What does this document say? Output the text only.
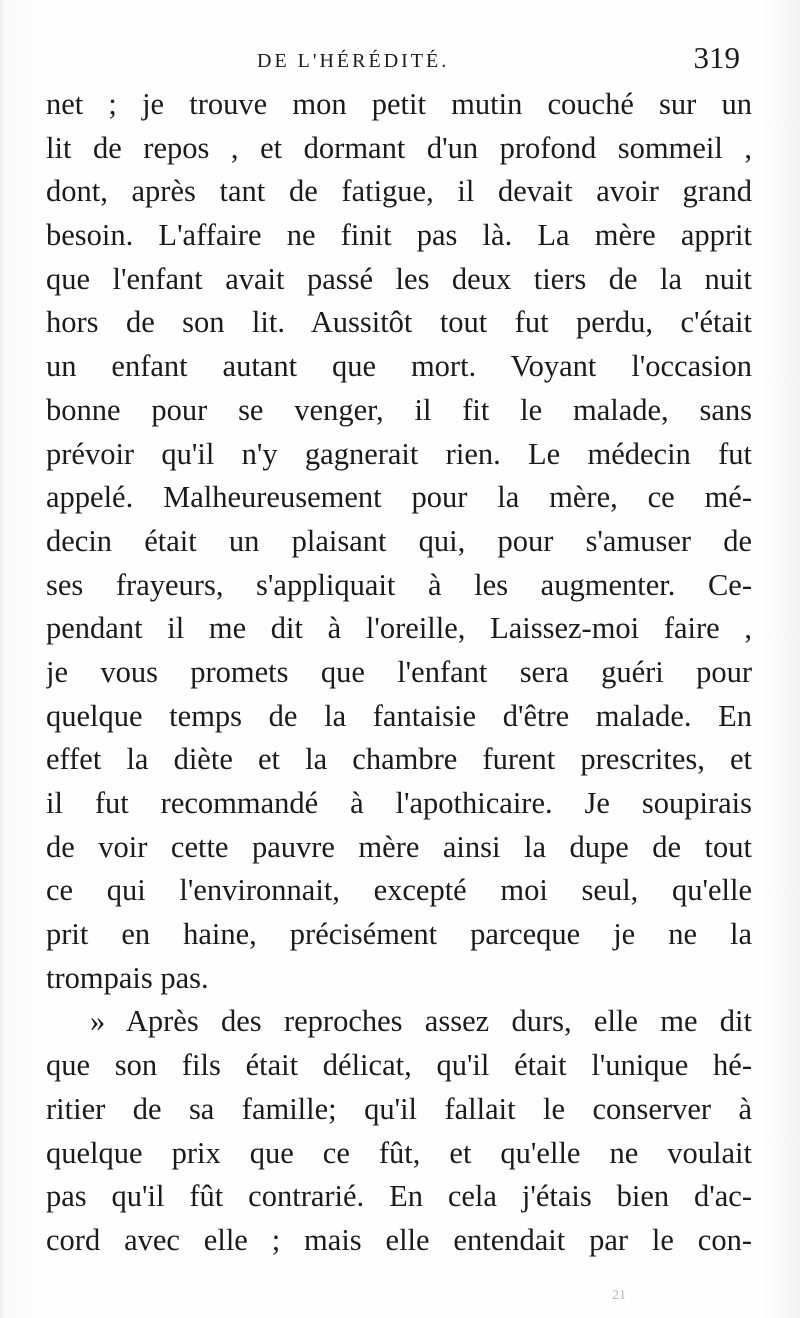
DE L'HÉRÉDITÉ.	319
net ; je trouve mon petit mutin couché sur un
lit de repos , et dormant d'un profond sommeil ,
dont, après tant de fatigue, il devait avoir grand
besoin. L'affaire ne finit pas là. La mère apprit
que l'enfant avait passé les deux tiers de la nuit
hors de son lit. Aussitôt tout fut perdu, c'était
un enfant autant que mort. Voyant l'occasion
bonne pour se venger, il fit le malade, sans
prévoir qu'il n'y gagnerait rien. Le médecin fut
appelé. Malheureusement pour la mère, ce mé-
decin était un plaisant qui, pour s'amuser de
ses frayeurs, s'appliquait à les augmenter. Ce-
pendant il me dit à l'oreille, Laissez-moi faire ,
je vous promets que l'enfant sera guéri pour
quelque temps de la fantaisie d'être malade. En
effet la diète et la chambre furent prescrites, et
il fut recommandé à l'apothicaire. Je soupirais
de voir cette pauvre mère ainsi la dupe de tout
ce qui l'environnait, excepté moi seul, qu'elle
prit en haine, précisément parceque je ne la
trompais pas.
» Après des reproches assez durs, elle me dit
que son fils était délicat, qu'il était l'unique hé-
ritier de sa famille; qu'il fallait le conserver à
quelque prix que ce fût, et qu'elle ne voulait
pas qu'il fût contrarié. En cela j'étais bien d'ac-
cord avec elle ; mais elle entendait par le con-
21
